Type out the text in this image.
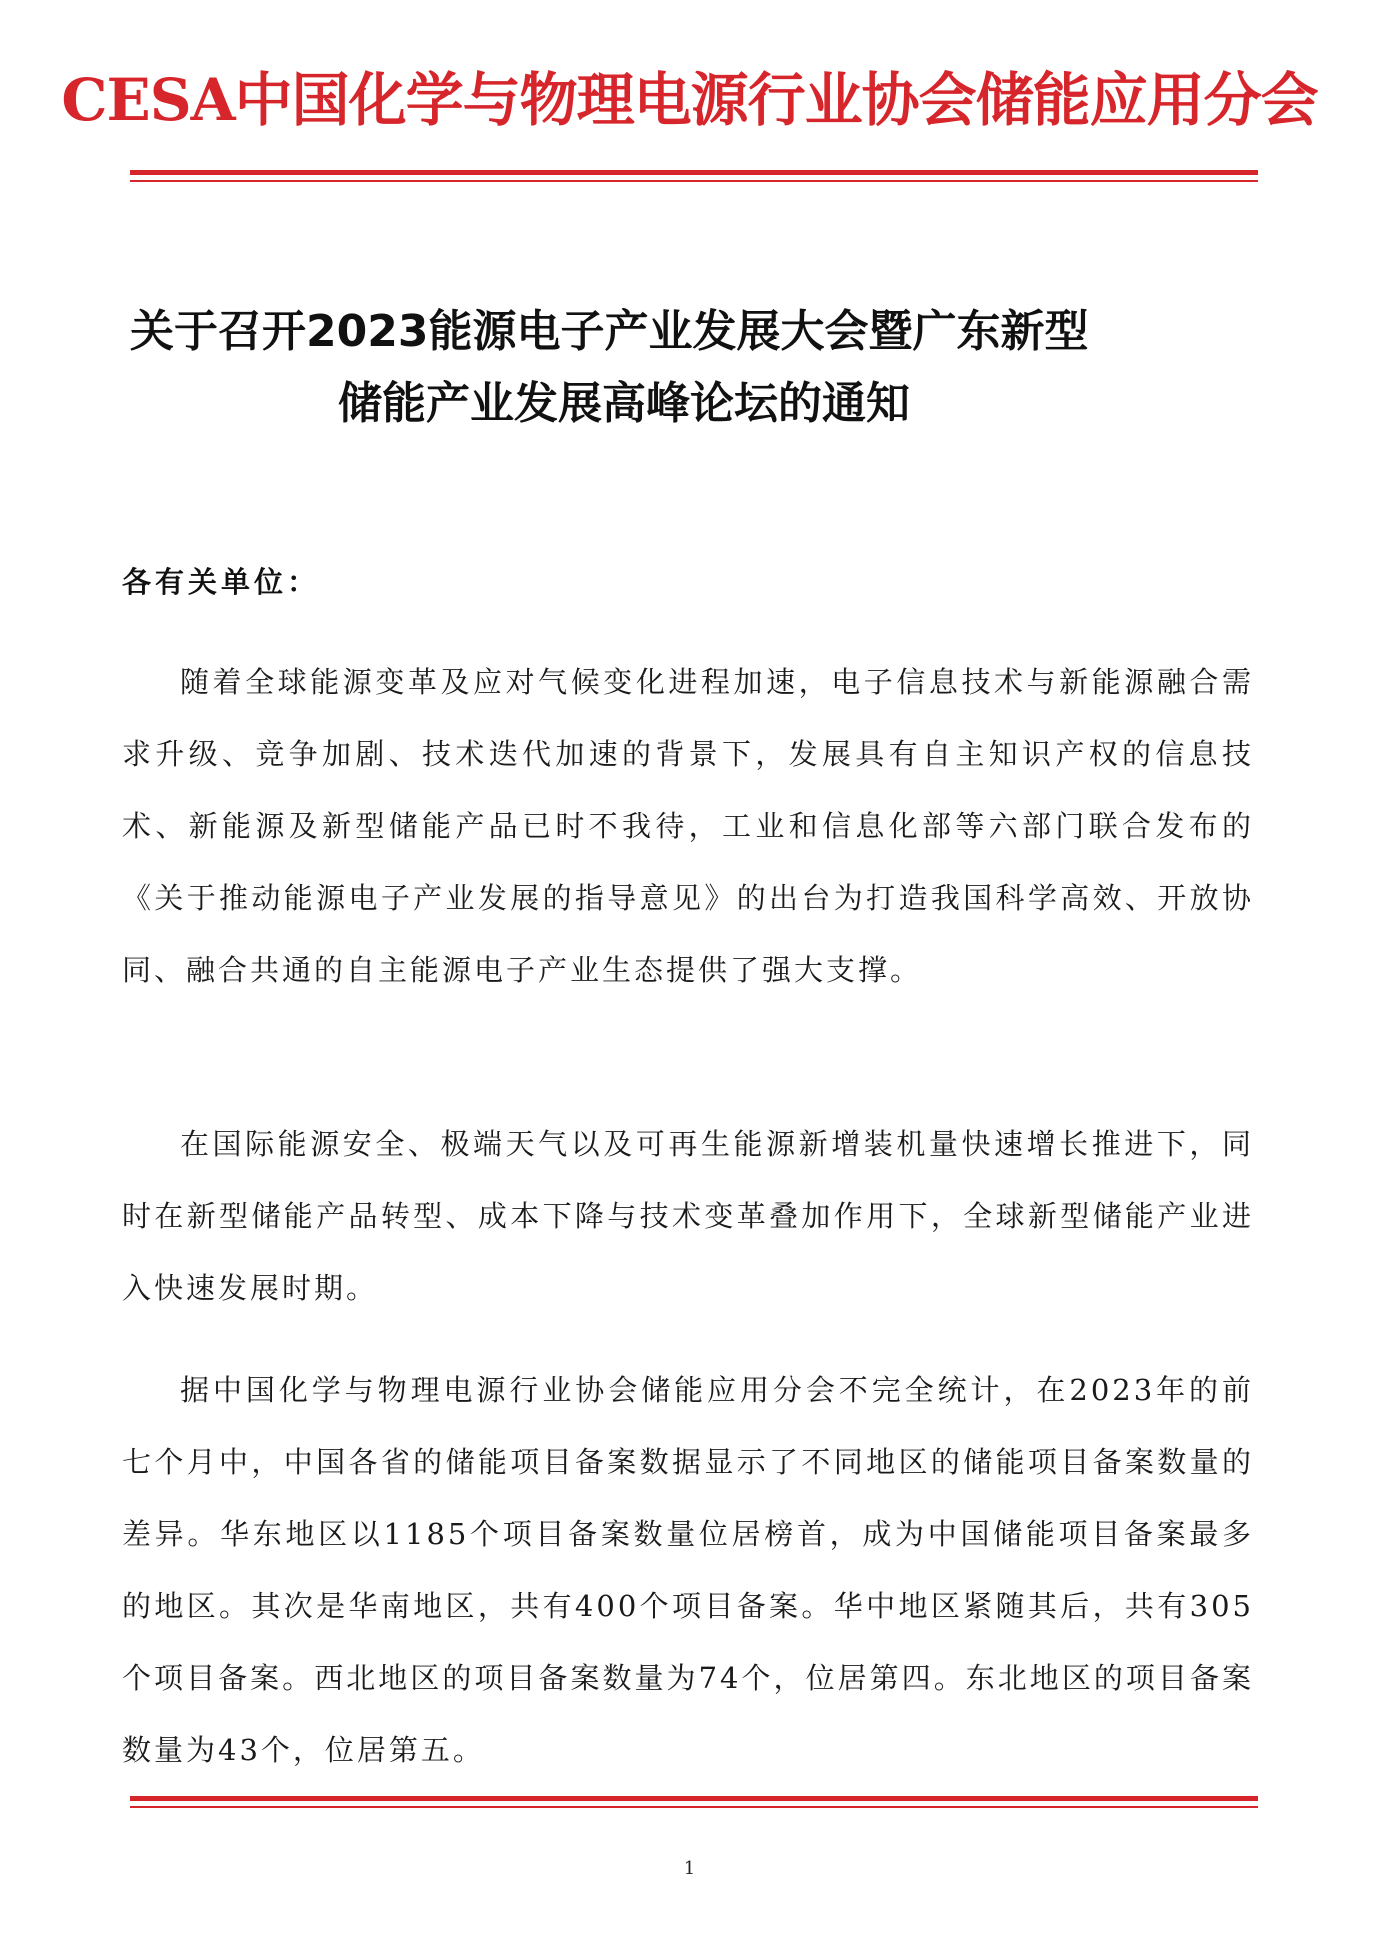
CESA中国化学与物理电源行业协会储能应用分会
关于召开2023能源电子产业发展大会暨广东新型
储能产业发展高峰论坛的通知
各有关单位：

随着全球能源变革及应对气候变化进程加速，电子信息技术与新能源融合需求升级、竞争加剧、技术迭代加速的背景下，发展具有自主知识产权的信息技术、新能源及新型储能产品已时不我待，工业和信息化部等六部门联合发布的《关于推动能源电子产业发展的指导意见》的出台为打造我国科学高效、开放协同、融合共通的自主能源电子产业生态提供了强大支撑。

在国际能源安全、极端天气以及可再生能源新增装机量快速增长推进下，同时在新型储能产品转型、成本下降与技术变革叠加作用下，全球新型储能产业进入快速发展时期。

据中国化学与物理电源行业协会储能应用分会不完全统计，在2023年的前七个月中，中国各省的储能项目备案数据显示了不同地区的储能项目备案数量的差异。华东地区以1185个项目备案数量位居榜首，成为中国储能项目备案最多的地区。其次是华南地区，共有400个项目备案。华中地区紧随其后，共有305个项目备案。西北地区的项目备案数量为74个，位居第四。东北地区的项目备案数量为43个，位居第五。

1
